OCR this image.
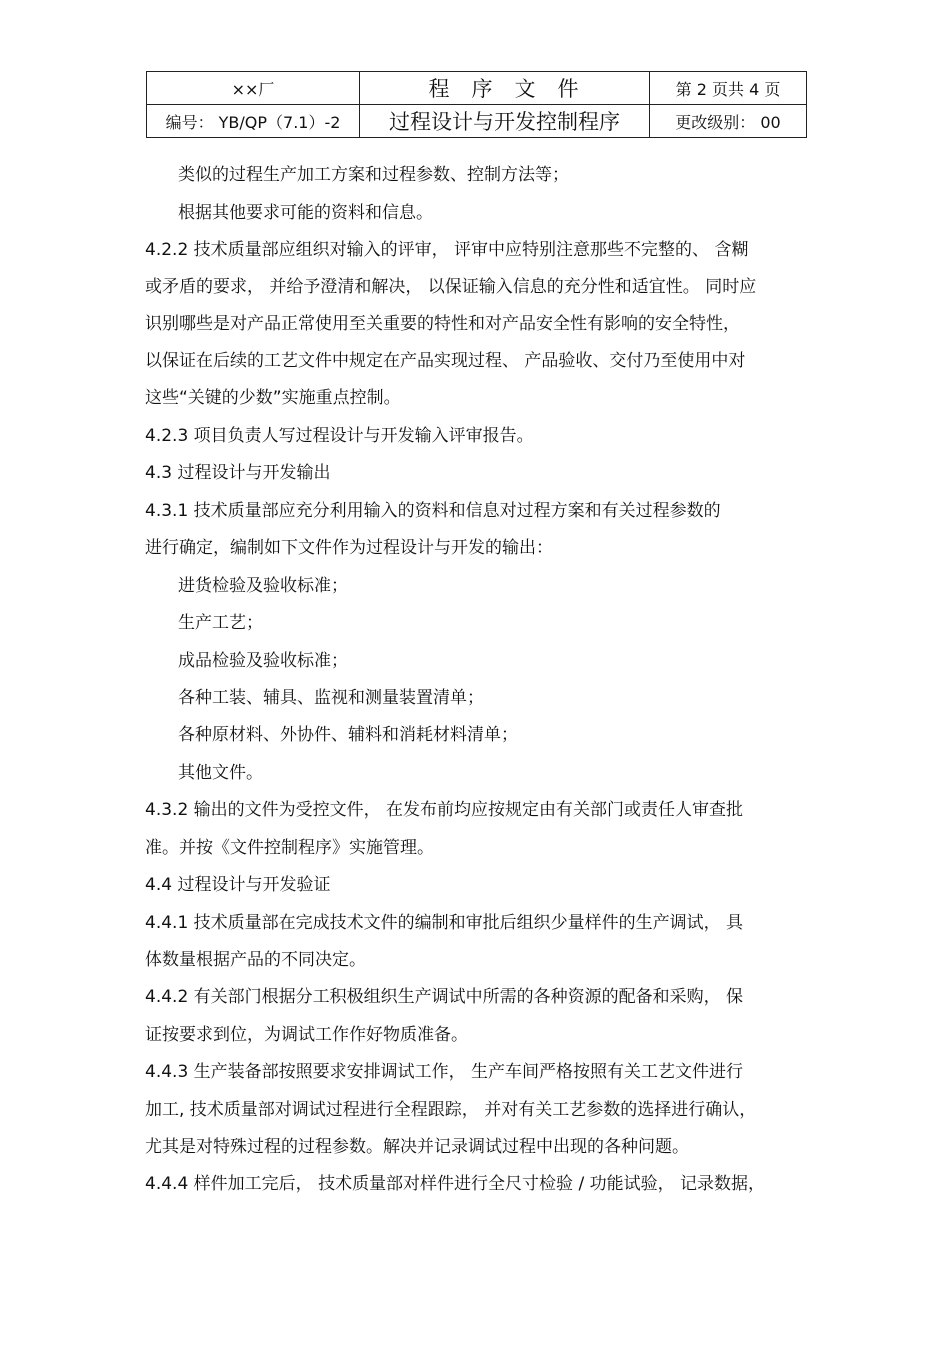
××厂	程序文件	第 2 页共 4 页
编号： YB/QP（7.1）-2	过程设计与开发控制程序	更改级别： 00
类似的过程生产加工方案和过程参数、控制方法等；
根据其他要求可能的资料和信息。
4.2.2 技术质量部应组织对输入的评审， 评审中应特别注意那些不完整的、 含糊
或矛盾的要求， 并给予澄清和解决， 以保证输入信息的充分性和适宜性。 同时应
识别哪些是对产品正常使用至关重要的特性和对产品安全性有影响的安全特性，
以保证在后续的工艺文件中规定在产品实现过程、 产品验收、交付乃至使用中对
这些“关键的少数”实施重点控制。
4.2.3 项目负责人写过程设计与开发输入评审报告。
4.3 过程设计与开发输出
4.3.1 技术质量部应充分利用输入的资料和信息对过程方案和有关过程参数的
进行确定，编制如下文件作为过程设计与开发的输出：
进货检验及验收标准；
生产工艺；
成品检验及验收标准；
各种工装、辅具、监视和测量装置清单；
各种原材料、外协件、辅料和消耗材料清单；
其他文件。
4.3.2 输出的文件为受控文件， 在发布前均应按规定由有关部门或责任人审查批
准。并按《文件控制程序》实施管理。
4.4 过程设计与开发验证
4.4.1 技术质量部在完成技术文件的编制和审批后组织少量样件的生产调试， 具
体数量根据产品的不同决定。
4.4.2 有关部门根据分工积极组织生产调试中所需的各种资源的配备和采购， 保
证按要求到位，为调试工作作好物质准备。
4.4.3 生产装备部按照要求安排调试工作， 生产车间严格按照有关工艺文件进行
加工, 技术质量部对调试过程进行全程跟踪， 并对有关工艺参数的选择进行确认，
尤其是对特殊过程的过程参数。解决并记录调试过程中出现的各种问题。
4.4.4 样件加工完后， 技术质量部对样件进行全尺寸检验 / 功能试验， 记录数据，
